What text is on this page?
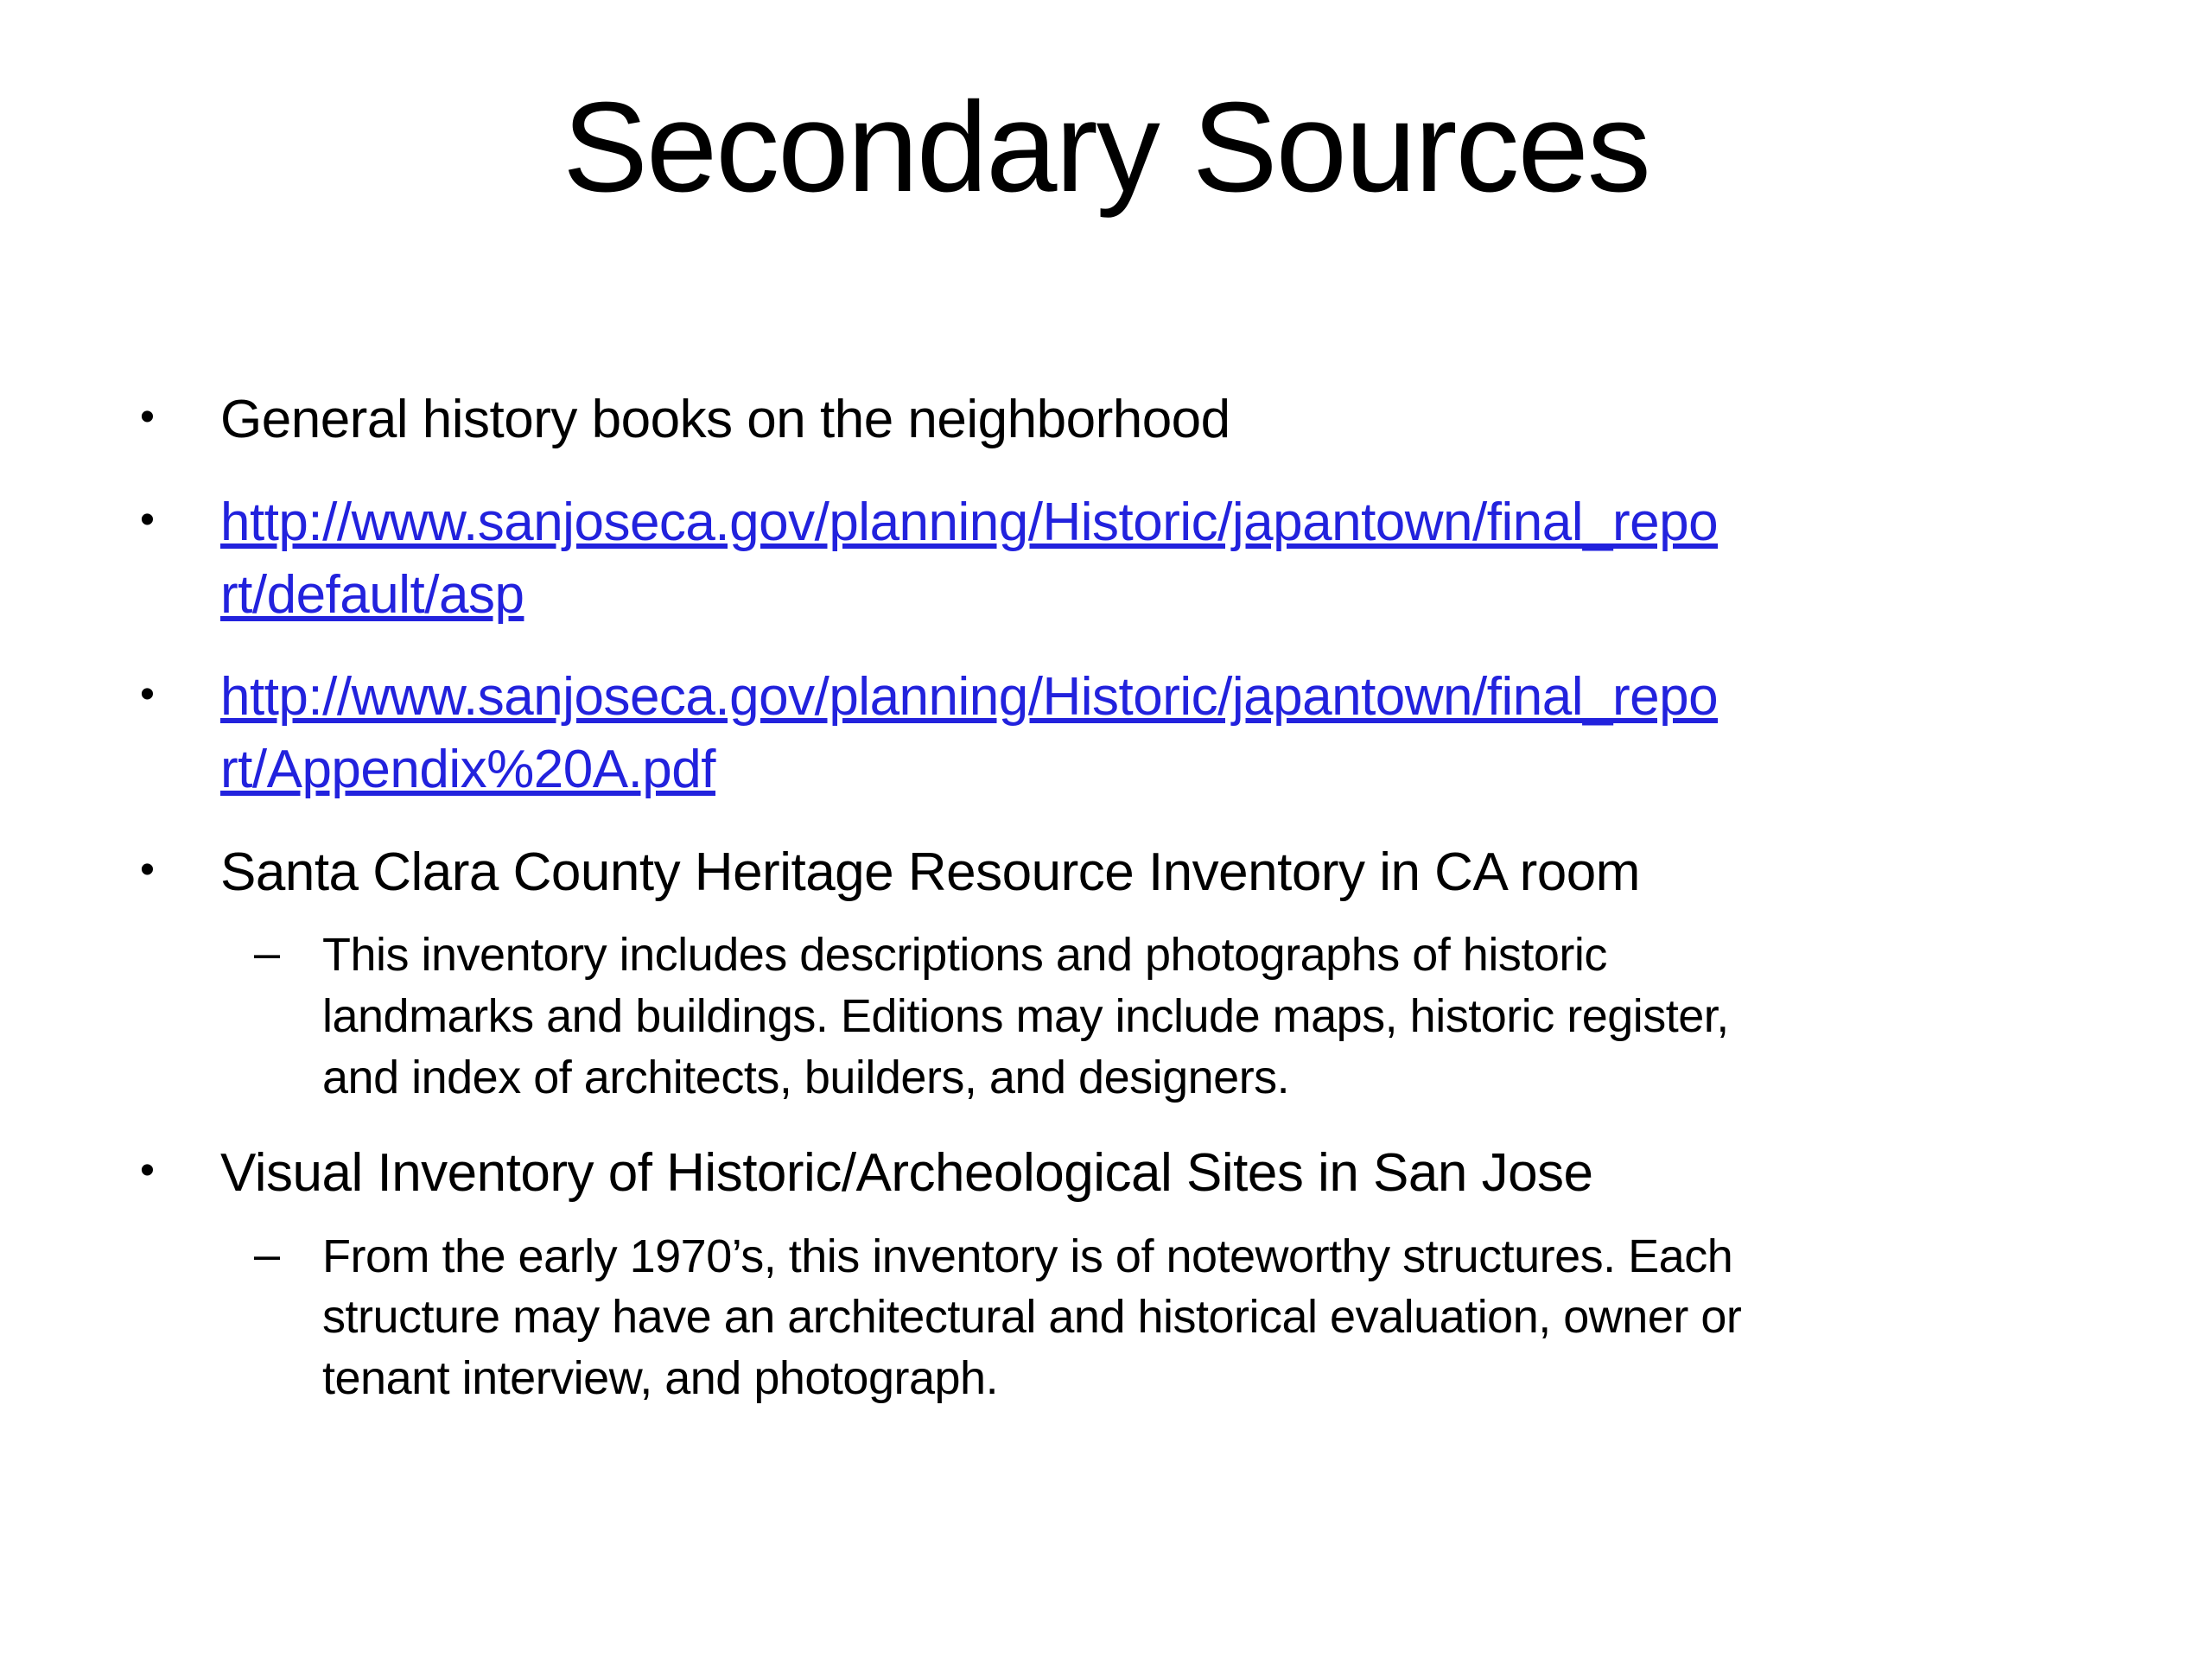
Secondary Sources
• General history books on the neighborhood
• http://www.sanjoseca.gov/planning/Historic/japantown/final_repo
rt/default/asp
• http://www.sanjoseca.gov/planning/Historic/japantown/final_repo
rt/Appendix%20A.pdf
• Santa Clara County Heritage Resource Inventory in CA room
– This inventory includes descriptions and photographs of historic
landmarks and buildings. Editions may include maps, historic register,
and index of architects, builders, and designers.
• Visual Inventory of Historic/Archeological Sites in San Jose
– From the early 1970’s, this inventory is of noteworthy structures. Each
structure may have an architectural and historical evaluation, owner or
tenant interview, and photograph.
